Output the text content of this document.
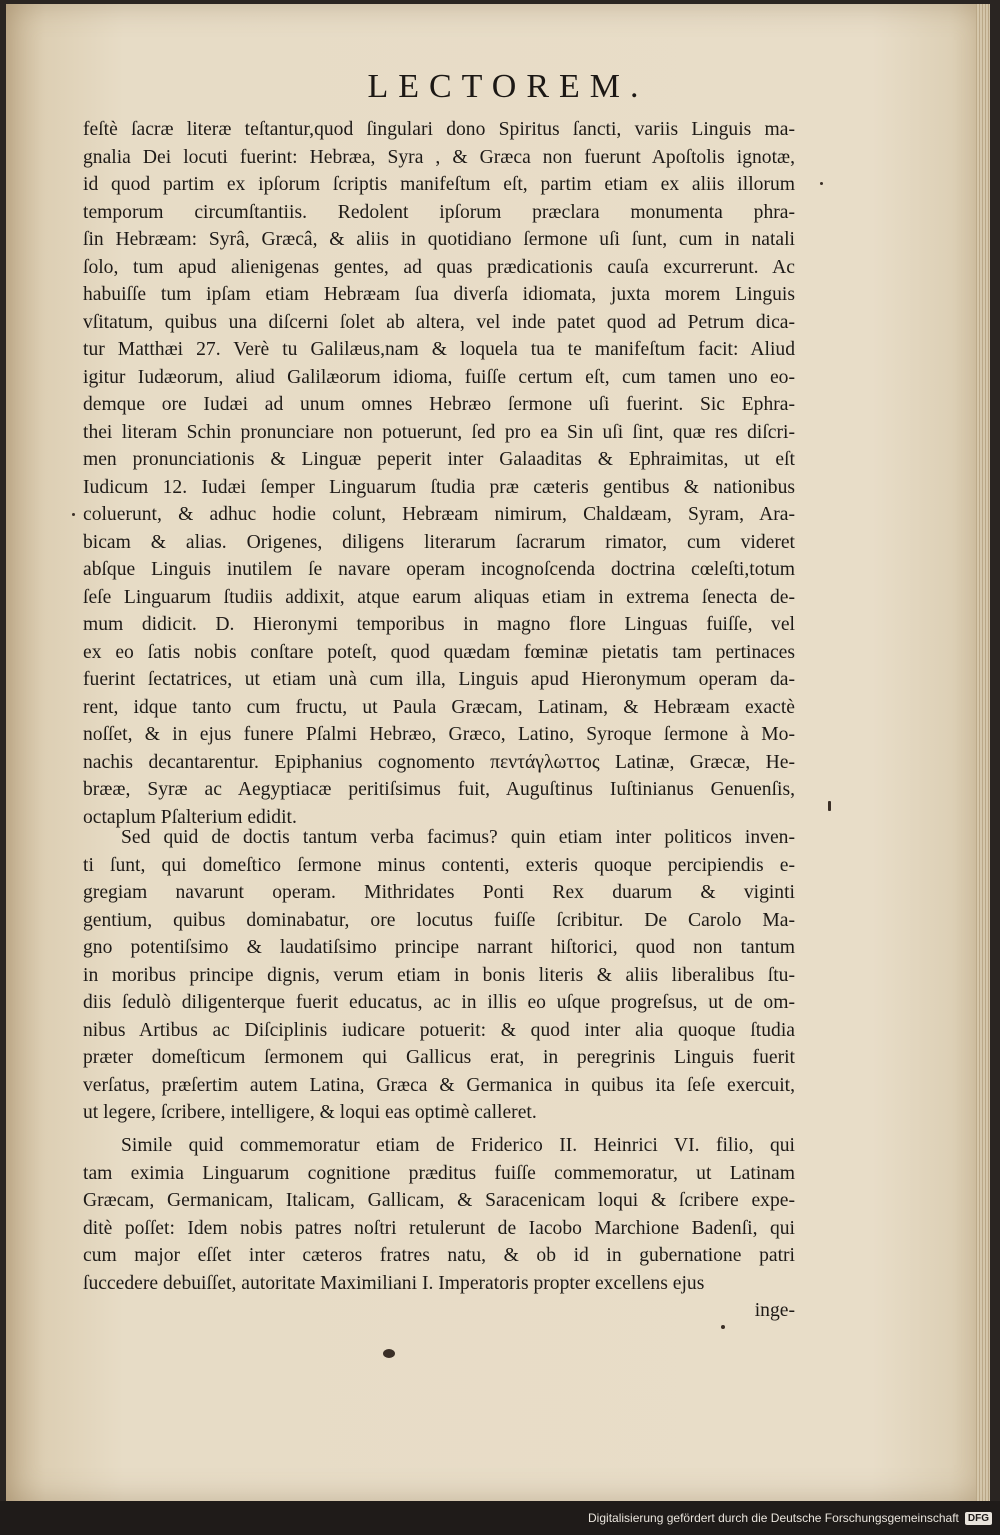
LECTOREM.
feſtè ſacræ literæ teſtantur,quod ſingulari dono Spiritus ſancti, variis Linguis ma-
gnalia Dei locuti fuerint: Hebræa, Syra , & Græca non fuerunt Apoſtolis ignotæ,
id quod partim ex ipſorum ſcriptis manifeſtum eſt, partim etiam ex aliis illorum
temporum circumſtantiis. Redolent ipſorum præclara monumenta phra-
ſin Hebræam: Syrâ, Græcâ, & aliis in quotidiano ſermone uſi ſunt, cum in natali
ſolo, tum apud alienigenas gentes, ad quas prædicationis cauſa excurrerunt. Ac
habuiſſe tum ipſam etiam Hebræam ſua diverſa idiomata, juxta morem Linguis
vſitatum, quibus una diſcerni ſolet ab altera, vel inde patet quod ad Petrum dica-
tur Matthæi 27. Verè tu Galilæus,nam & loquela tua te manifeſtum facit: Aliud
igitur Iudæorum, aliud Galilæorum idioma, fuiſſe certum eſt, cum tamen uno eo-
demque ore Iudæi ad unum omnes Hebræo ſermone uſi fuerint. Sic Ephra-
thei literam Schin pronunciare non potuerunt, ſed pro ea Sin uſi ſint, quæ res diſcri-
men pronunciationis & Linguæ peperit inter Galaaditas & Ephraimitas, ut eſt
Iudicum 12. Iudæi ſemper Linguarum ſtudia præ cæteris gentibus & nationibus
coluerunt, & adhuc hodie colunt, Hebræam nimirum, Chaldæam, Syram, Ara-
bicam & alias. Origenes, diligens literarum ſacrarum rimator, cum videret
abſque Linguis inutilem ſe navare operam incognoſcenda doctrina cœleſti,totum
ſeſe Linguarum ſtudiis addixit, atque earum aliquas etiam in extrema ſenecta de-
mum didicit. D. Hieronymi temporibus in magno flore Linguas fuiſſe, vel
ex eo ſatis nobis conſtare poteſt, quod quædam fœminæ pietatis tam pertinaces
fuerint ſectatrices, ut etiam unà cum illa, Linguis apud Hieronymum operam da-
rent, idque tanto cum fructu, ut Paula Græcam, Latinam, & Hebræam exactè
noſſet, & in ejus funere Pſalmi Hebræo, Græco, Latino, Syroque ſermone à Mo-
nachis decantarentur. Epiphanius cognomento πεντάγλωττος Latinæ, Græcæ, He-
brææ, Syræ ac Aegyptiacæ peritiſsimus fuit, Auguſtinus Iuſtinianus Genuenſis,
octaplum Pſalterium edidit.
Sed quid de doctis tantum verba facimus? quin etiam inter politicos inven-
ti ſunt, qui domeſtico ſermone minus contenti, exteris quoque percipiendis e-
gregiam navarunt operam. Mithridates Ponti Rex duarum & viginti
gentium, quibus dominabatur, ore locutus fuiſſe ſcribitur. De Carolo Ma-
gno potentiſsimo & laudatiſsimo principe narrant hiſtorici, quod non tantum
in moribus principe dignis, verum etiam in bonis literis & aliis liberalibus ſtu-
diis ſedulò diligenterque fuerit educatus, ac in illis eo uſque progreſsus, ut de om-
nibus Artibus ac Diſciplinis iudicare potuerit: & quod inter alia quoque ſtudia
præter domeſticum ſermonem qui Gallicus erat, in peregrinis Linguis fuerit
verſatus, præſertim autem Latina, Græca & Germanica in quibus ita ſeſe exercuit,
ut legere, ſcribere, intelligere, & loqui eas optimè calleret.
Simile quid commemoratur etiam de Friderico II. Heinrici VI. filio, qui
tam eximia Linguarum cognitione præditus fuiſſe commemoratur, ut Latinam
Græcam, Germanicam, Italicam, Gallicam, & Saracenicam loqui & ſcribere expe-
ditè poſſet: Idem nobis patres noſtri retulerunt de Iacobo Marchione Badenſi, qui
cum major eſſet inter cæteros fratres natu, & ob id in gubernatione patri
ſuccedere debuiſſet, autoritate Maximiliani I. Imperatoris propter excellens ejus
inge-
Digitalisierung gefördert durch die Deutsche Forschungsgemeinschaft DFG
